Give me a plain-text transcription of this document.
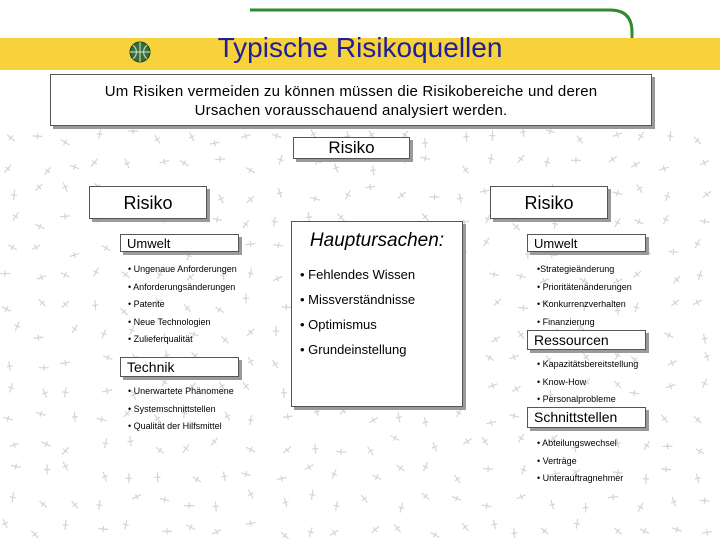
Typische Risikoquellen
Um Risiken vermeiden zu können müssen die Risikobereiche und deren
Ursachen vorausschauend analysiert werden.
Risiko
Risiko	Risiko
Umwelt
• Ungenaue Anforderungen
• Anforderungsänderungen
• Patente
• Neue Technologien
• Zulieferqualität
Technik
• Unerwartete Phänomene
• Systemschnittstellen
• Qualität der Hilfsmittel
Hauptursachen:
• Fehlendes Wissen
• Missverständnisse
• Optimismus
• Grundeinstellung
Umwelt
•Strategieänderung
• Prioritätenänderungen
• Konkurrenzverhalten
• Finanzierung
Ressourcen
• Kapazitätsbereitstellung
• Know-How
• Personalprobleme
Schnittstellen
• Abteilungswechsel
• Verträge
• Unterauftragnehmer
